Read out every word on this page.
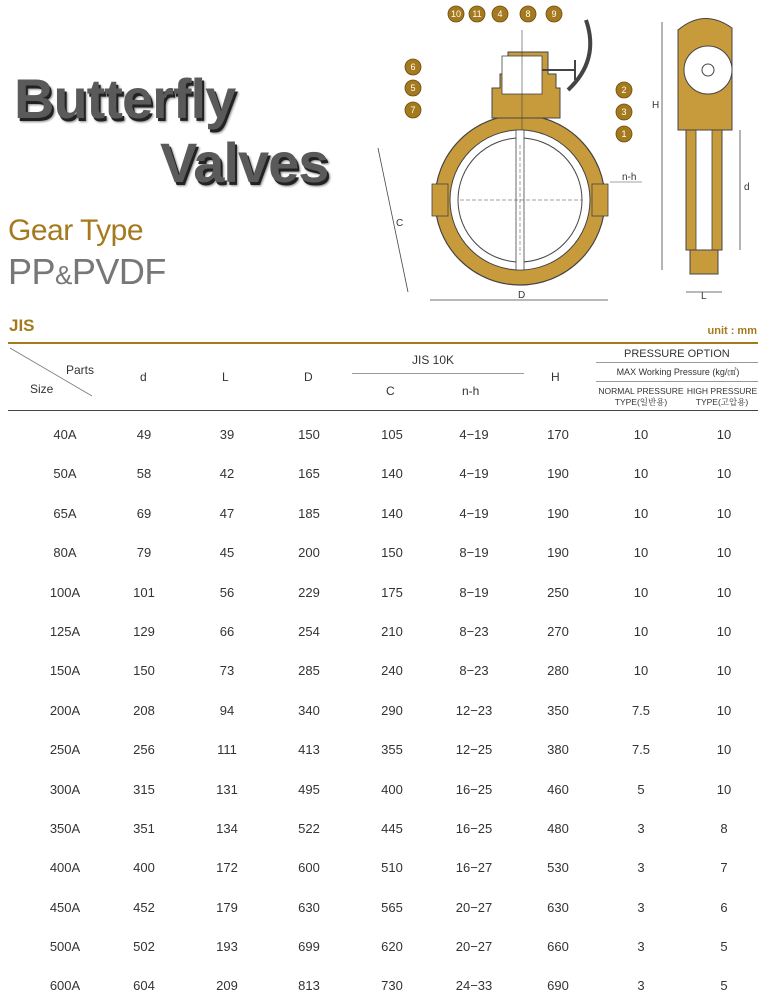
Butterfly
Valves
Gear Type
PP&PVDF
10 11 4	8 9
6
5
7
2
3
1
D
C
n-h
H
d
L
JIS	unit : mm
Parts
Size
d	L	D
JIS 10K
C	n-h
H
PRESSURE OPTION
MAX Working Pressure (kg/㎠)
NORMAL PRESSURE
TYPE(일반용)
HIGH PRESSURE
TYPE(고압용)
40A	49	39	150	105	4−19	170	10	10
50A	58	42	165	140	4−19	190	10	10
65A	69	47	185	140	4−19	190	10	10
80A	79	45	200	150	8−19	190	10	10
100A	101	56	229	175	8−19	250	10	10
125A	129	66	254	210	8−23	270	10	10
150A	150	73	285	240	8−23	280	10	10
200A	208	94	340	290	12−23	350	7.5	10
250A	256	111	413	355	12−25	380	7.5	10
300A	315	131	495	400	16−25	460	5	10
350A	351	134	522	445	16−25	480	3	8
400A	400	172	600	510	16−27	530	3	7
450A	452	179	630	565	20−27	630	3	6
500A	502	193	699	620	20−27	660	3	5
600A	604	209	813	730	24−33	690	3	5
